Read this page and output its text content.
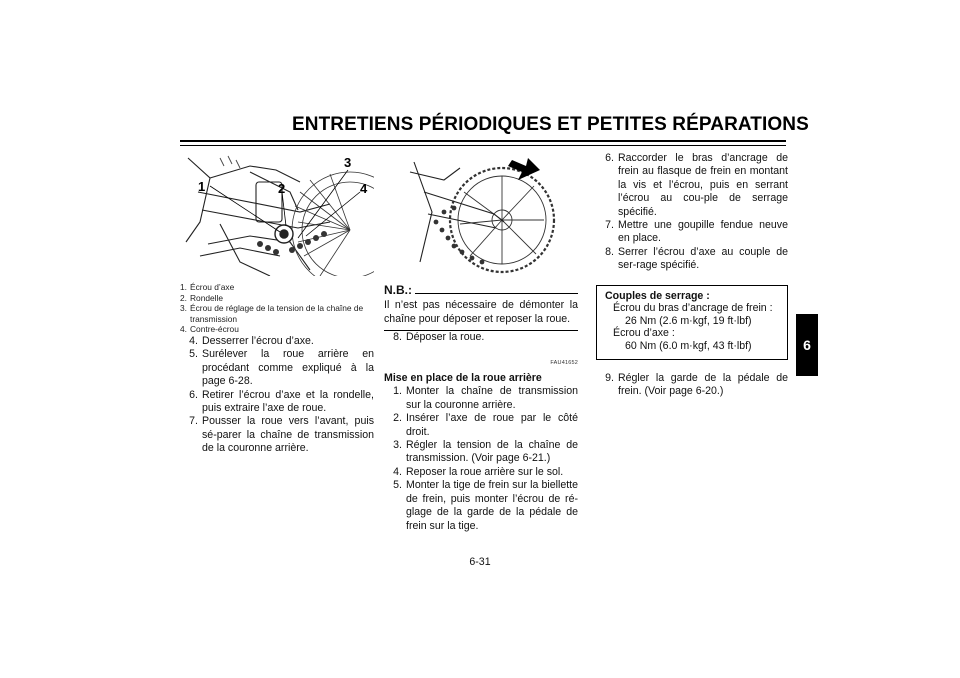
ENTRETIENS PÉRIODIQUES ET PETITES RÉPARATIONS
6
1	2
3
4
1. Écrou d’axe
2. Rondelle
3. Écrou de réglage de la tension de la chaîne de transmission
4. Contre-écrou
4. Desserrer l’écrou d’axe.
5. Surélever la roue arrière en procédant comme expliqué à la page 6-28.
6. Retirer l’écrou d’axe et la rondelle, puis extraire l’axe de roue.
7. Pousser la roue vers l’avant, puis sé-parer la chaîne de transmission de la couronne arrière.
N.B.:
Il n’est pas nécessaire de démonter la chaîne pour déposer et reposer la roue.
8. Déposer la roue.
FAU41652
Mise en place de la roue arrière
1. Monter la chaîne de transmission sur la couronne arrière.
2. Insérer l’axe de roue par le côté droit.
3. Régler la tension de la chaîne de transmission. (Voir page 6-21.)
4. Reposer la roue arrière sur le sol.
5. Monter la tige de frein sur la biellette de frein, puis monter l’écrou de ré-glage de la garde de la pédale de frein sur la tige.
6. Raccorder le bras d’ancrage de frein au flasque de frein en montant la vis et l’écrou, puis en serrant l’écrou au cou-ple de serrage spécifié.
7. Mettre une goupille fendue neuve en place.
8. Serrer l’écrou d’axe au couple de ser-rage spécifié.
Couples de serrage :
Écrou du bras d’ancrage de frein :
26 Nm (2.6 m·kgf, 19 ft·lbf)
Écrou d’axe :
60 Nm (6.0 m·kgf, 43 ft·lbf)
9. Régler la garde de la pédale de frein. (Voir page 6-20.)
6-31
